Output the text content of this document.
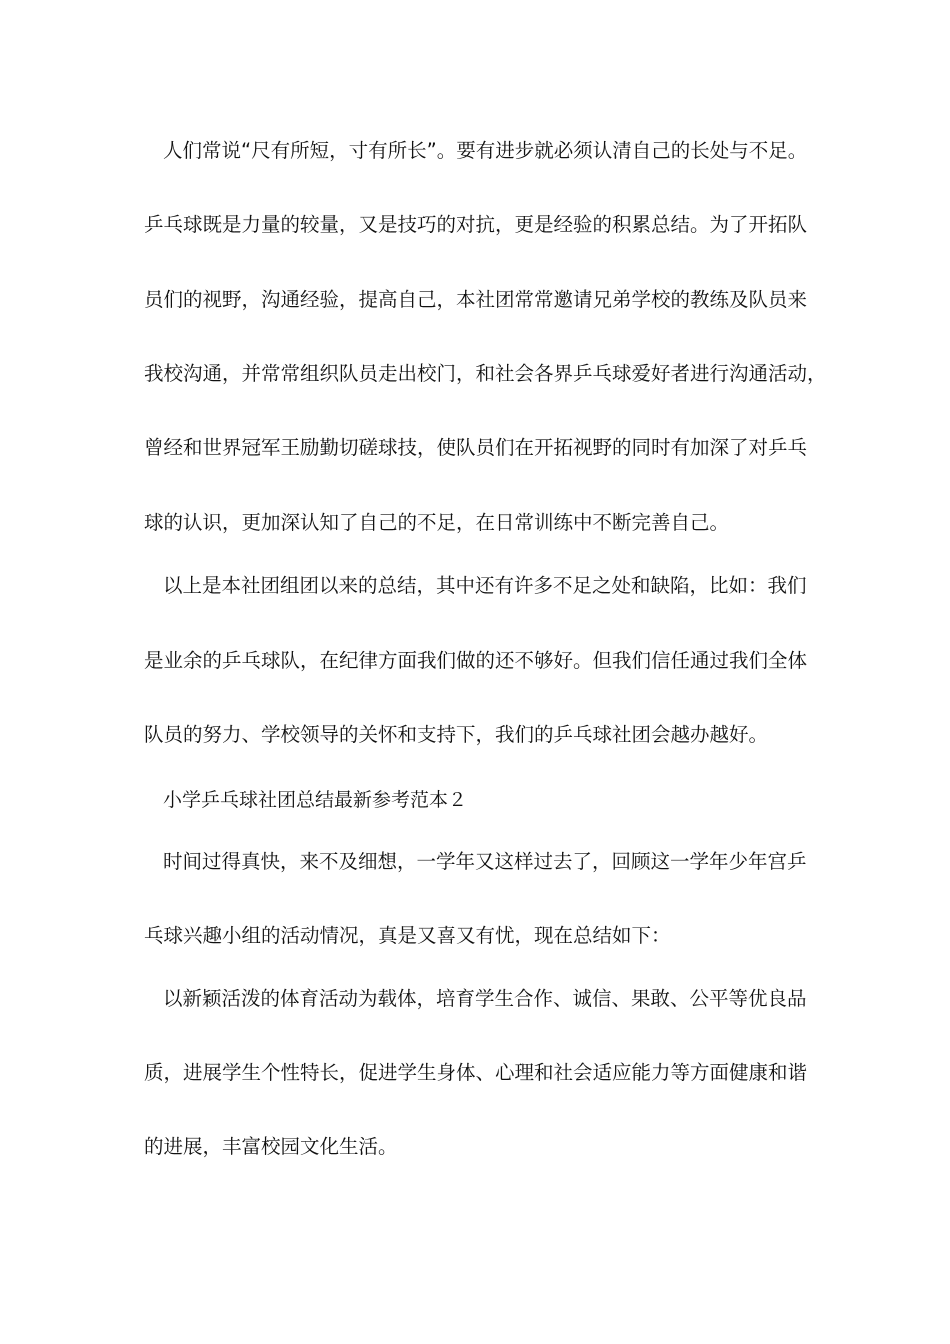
人们常说“尺有所短，寸有所长”。要有进步就必须认清自己的长处与不足。
乒乓球既是力量的较量，又是技巧的对抗，更是经验的积累总结。为了开拓队
员们的视野，沟通经验，提高自己，本社团常常邀请兄弟学校的教练及队员来
我校沟通，并常常组织队员走出校门，和社会各界乒乓球爱好者进行沟通活动，
曾经和世界冠军王励勤切磋球技，使队员们在开拓视野的同时有加深了对乒乓
球的认识，更加深认知了自己的不足，在日常训练中不断完善自己。
以上是本社团组团以来的总结，其中还有许多不足之处和缺陷，比如：我们
是业余的乒乓球队，在纪律方面我们做的还不够好。但我们信任通过我们全体
队员的努力、学校领导的关怀和支持下，我们的乒乓球社团会越办越好。
小学乒乓球社团总结最新参考范本２
时间过得真快，来不及细想，一学年又这样过去了，回顾这一学年少年宫乒
乓球兴趣小组的活动情况，真是又喜又有忧，现在总结如下：
以新颖活泼的体育活动为载体，培育学生合作、诚信、果敢、公平等优良品
质，进展学生个性特长，促进学生身体、心理和社会适应能力等方面健康和谐
的进展，丰富校园文化生活。
